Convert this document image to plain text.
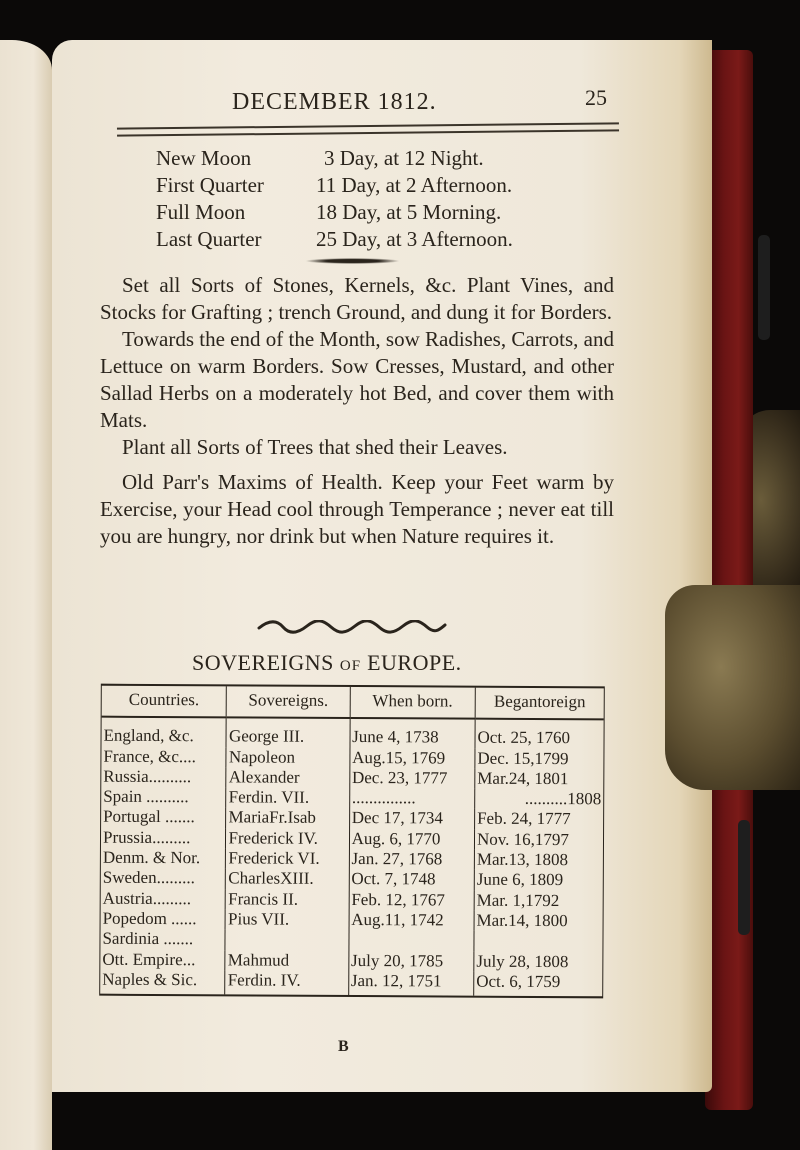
DECEMBER 1812.	25
New Moon	3 Day, at 12 Night.
First Quarter	11 Day, at 2 Afternoon.
Full Moon	18 Day, at 5 Morning.
Last Quarter	25 Day, at 3 Afternoon.

Set all Sorts of Stones, Kernels, &c. Plant Vines, and Stocks for Grafting ; trench Ground, and dung it for Borders.

Towards the end of the Month, sow Radishes, Carrots, and Lettuce on warm Borders. Sow Cresses, Mustard, and other Sallad Herbs on a moderately hot Bed, and cover them with Mats.

Plant all Sorts of Trees that shed their Leaves.

Old Parr's Maxims of Health. Keep your Feet warm by Exercise, your Head cool through Temperance ; never eat till you are hungry, nor drink but when Nature requires it.

SOVEREIGNS OF EUROPE.
Countries.	Sovereigns.	When born.	Begantoreign
England, &c.	George III.	June 4, 1738	Oct. 25, 1760
France, &c....	Napoleon	Aug.15, 1769	Dec. 15,1799
Russia..........	Alexander	Dec. 23, 1777	Mar.24, 1801
Spain ..........	Ferdin. VII.	...............	..........1808
Portugal .......	MariaFr.Isab	Dec 17, 1734	Feb. 24, 1777
Prussia.........	Frederick IV.	Aug. 6, 1770	Nov. 16,1797
Denm. & Nor.	Frederick VI.	Jan. 27, 1768	Mar.13, 1808
Sweden.........	CharlesXIII.	Oct. 7, 1748	June 6, 1809
Austria.........	Francis II.	Feb. 12, 1767	Mar. 1,1792
Popedom ......	Pius VII.	Aug.11, 1742	Mar.14, 1800
Sardinia .......			
Ott. Empire...	Mahmud	July 20, 1785	July 28, 1808
Naples & Sic.	Ferdin. IV.	Jan. 12, 1751	Oct. 6, 1759
B
